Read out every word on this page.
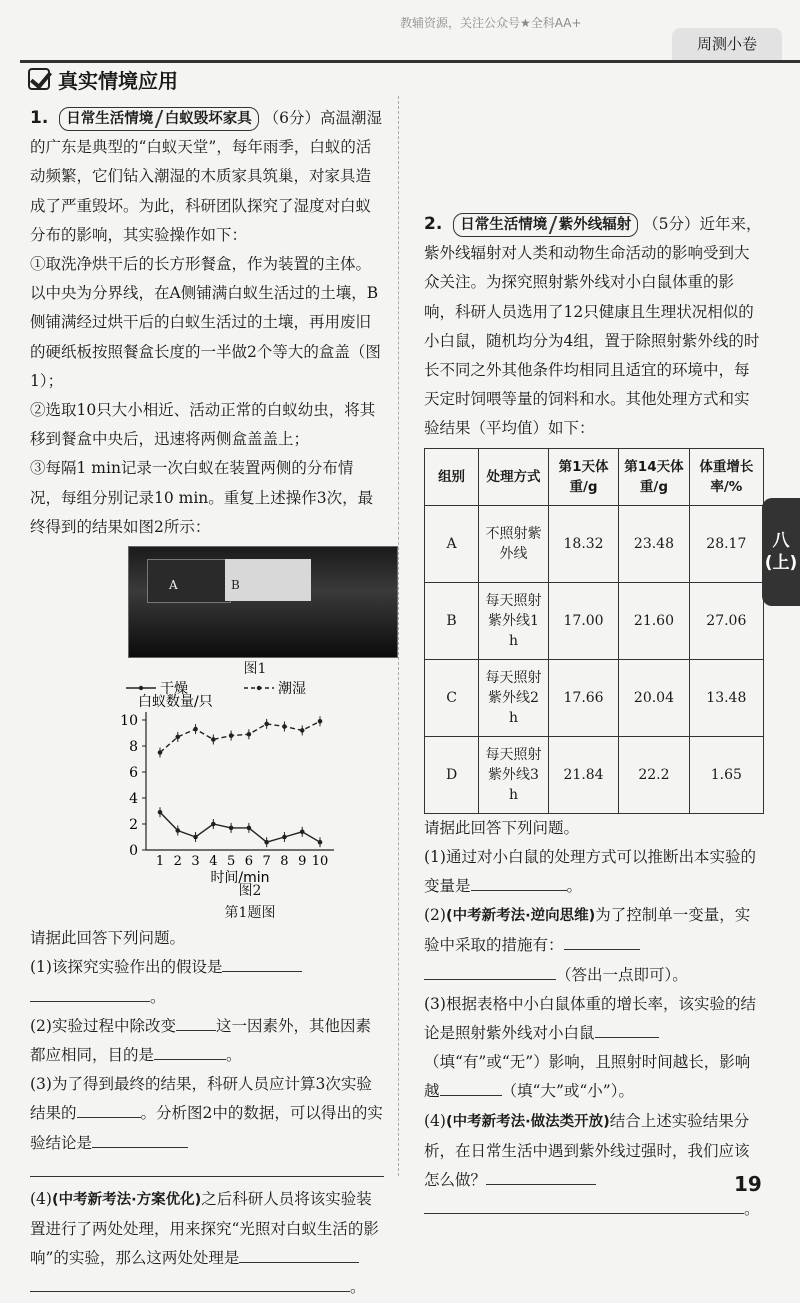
教辅资源，关注公众号★全科AA+
周测小卷
真实情境应用

1. 日常生活情境 白蚁毁坏家具 （6分）高温潮湿的广东是典型的“白蚁天堂”，每年雨季，白蚁的活动频繁，它们钻入潮湿的木质家具筑巢，对家具造成了严重毁坏。为此，科研团队探究了湿度对白蚁分布的影响，其实验操作如下：

①取洗净烘干后的长方形餐盒，作为装置的主体。以中央为分界线，在A侧铺满白蚁生活过的土壤，B侧铺满经过烘干后的白蚁生活过的土壤，再用废旧的硬纸板按照餐盒长度的一半做2个等大的盒盖（图1）；

②选取10只大小相近、活动正常的白蚁幼虫，将其移到餐盒中央后，迅速将两侧盒盖盖上；

③每隔1 min记录一次白蚁在装置两侧的分布情况，每组分别记录10 min。重复上述操作3次，最终得到的结果如图2所示：

A	B
图1
0
2
4
6
8
10
1 2 3 4 5 6 7 8 9 10
白蚁数量/只
时间/min
干燥	潮湿
图2
第1题图

请据此回答下列问题。

(1)该探究实验作出的假设是

。

(2)实验过程中除改变	这一因素外，其他因素都应相同，目的是	。

(3)为了得到最终的结果，科研人员应计算3次实验结果的	。分析图2中的数据，可以得出的实验结论是

(4)(中考新考法·方案优化)之后科研人员将该实验装置进行了两处处理，用来探究“光照对白蚁生活的影响”的实验，那么这两处处理是

。

2. 日常生活情境 紫外线辐射 （5分）近年来，紫外线辐射对人类和动物生命活动的影响受到大众关注。为探究照射紫外线对小白鼠体重的影响，科研人员选用了12只健康且生理状况相似的小白鼠，随机均分为4组，置于除照射紫外线的时长不同之外其他条件均相同且适宜的环境中，每天定时饲喂等量的饲料和水。其他处理方式和实验结果（平均值）如下：

组别	处理方式	第1天体重/g	第14天体重/g	体重增长率/%
A	不照射紫外线	18.32	23.48	28.17
B	每天照射紫外线1 h	17.00	21.60	27.06
C	每天照射紫外线2 h	17.66	20.04	13.48
D	每天照射紫外线3 h	21.84	22.2	1.65

请据此回答下列问题。

(1)通过对小白鼠的处理方式可以推断出本实验的变量是	。

(2)(中考新考法·逆向思维)为了控制单一变量，实验中采取的措施有：

（答出一点即可）。

(3)根据表格中小白鼠体重的增长率，该实验的结论是照射紫外线对小白鼠（填“有”或“无”）影响，且照射时间越长，影响越	（填“大”或“小”）。

(4)(中考新考法·做法类开放)结合上述实验结果分析，在日常生活中遇到紫外线过强时，我们应该怎么做？

。

八
(上)
19
